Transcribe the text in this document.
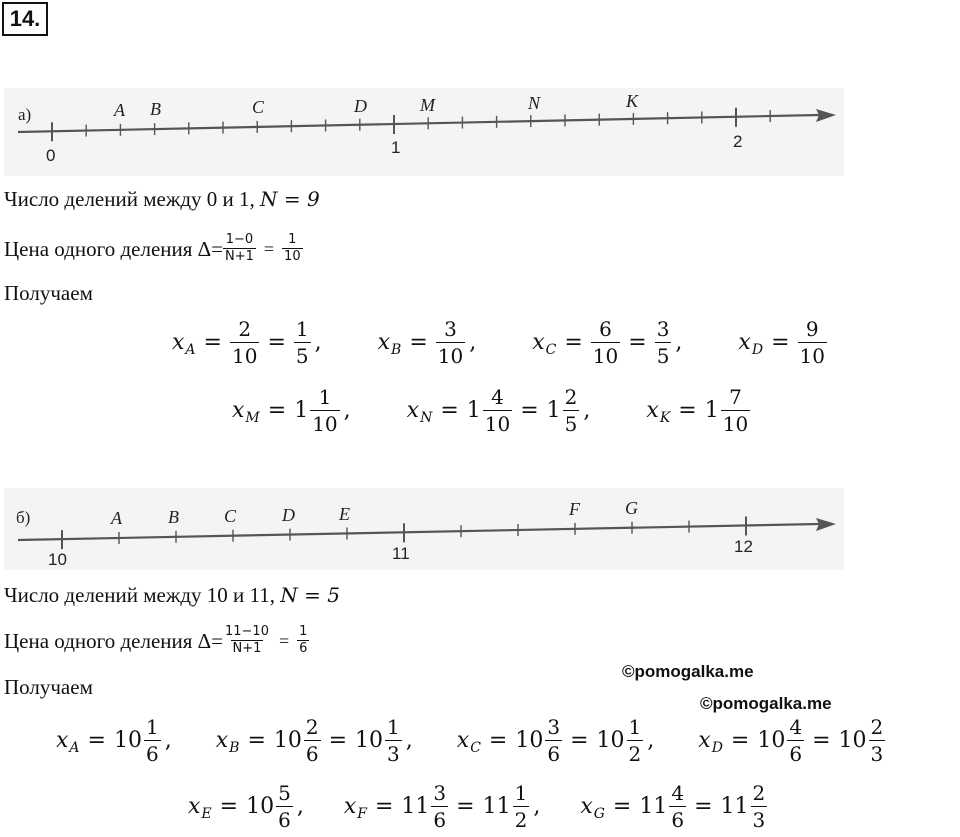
14.
а)
0	1	2
A B	C	D	M	N	K
Число делений между 0 и 1, N = 9
Цена одного деления $\Delta= \frac{1-0}{N+1} = \frac{1}{10}$
Получаем
x $A = \frac{2}{10} = \frac{1}{5}$ ,	x $B = \frac{3}{10}$ ,	x $C = \frac{6}{10} = \frac{3}{5}$ ,	x $D = \frac{9}{10}$
x $M = 1 \frac{1}{10}$ ,	x $N = 1 \frac{4}{10} = 1 \frac{2}{5}$ ,	x $K = 1 \frac{7}{10}$
б)
10	11	12
A	B	C	D E	F	G
Число делений между 10 и 11, N = 5
Цена одного деления $\Delta= \frac{11-10}{N+1} = \frac{1}{6}$
Получаем
©pomogalka.me
©pomogalka.me
x $A = 10 \frac{1}{6}$ , x $B = 10 \frac{2}{6} = 10 \frac{1}{3}$ , x $C = 10 \frac{3}{6} = 10 \frac{1}{2}$ , x $D = 10 \frac{4}{6} = 10 \frac{2}{3}$
x $E = 10 \frac{5}{6}$ , x $F = 11 \frac{3}{6} = 11 \frac{1}{2}$ , x $G = 11 \frac{4}{6} = 11 \frac{2}{3}$
